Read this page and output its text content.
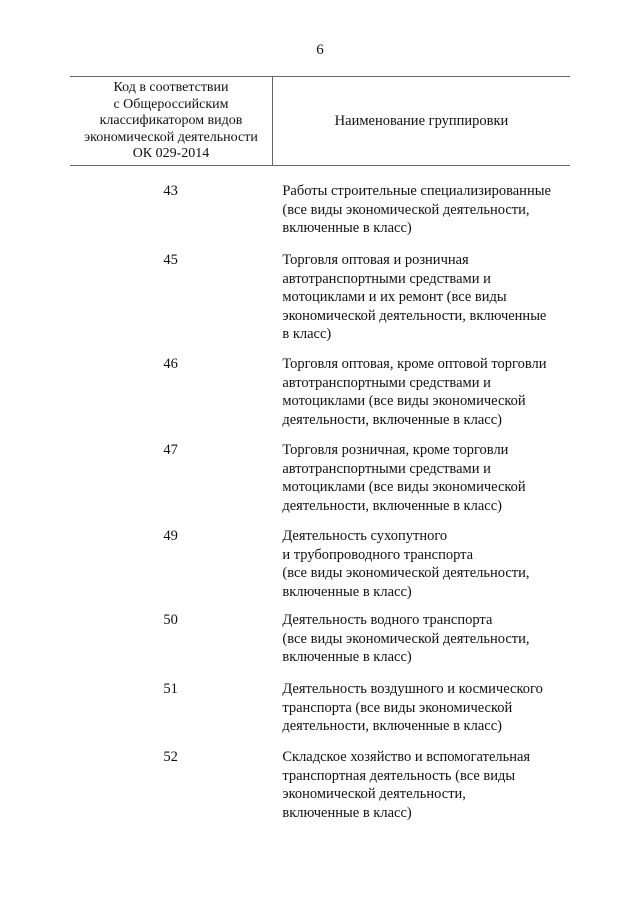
6
Код в соответствии
с Общероссийским
классификатором видов
экономической деятельности
ОК 029-2014
Наименование группировки
43	Работы строительные специализированные
(все виды экономической деятельности,
включенные в класс)
45	Торговля оптовая и розничная
автотранспортными средствами и
мотоциклами и их ремонт (все виды
экономической деятельности, включенные
в класс)
46	Торговля оптовая, кроме оптовой торговли
автотранспортными средствами и
мотоциклами (все виды экономической
деятельности, включенные в класс)
47	Торговля розничная, кроме торговли
автотранспортными средствами и
мотоциклами (все виды экономической
деятельности, включенные в класс)
49	Деятельность сухопутного
и трубопроводного транспорта
(все виды экономической деятельности,
включенные в класс)
50	Деятельность водного транспорта
(все виды экономической деятельности,
включенные в класс)
51	Деятельность воздушного и космического
транспорта (все виды экономической
деятельности, включенные в класс)
52	Складское хозяйство и вспомогательная
транспортная деятельность (все виды
экономической деятельности,
включенные в класс)
